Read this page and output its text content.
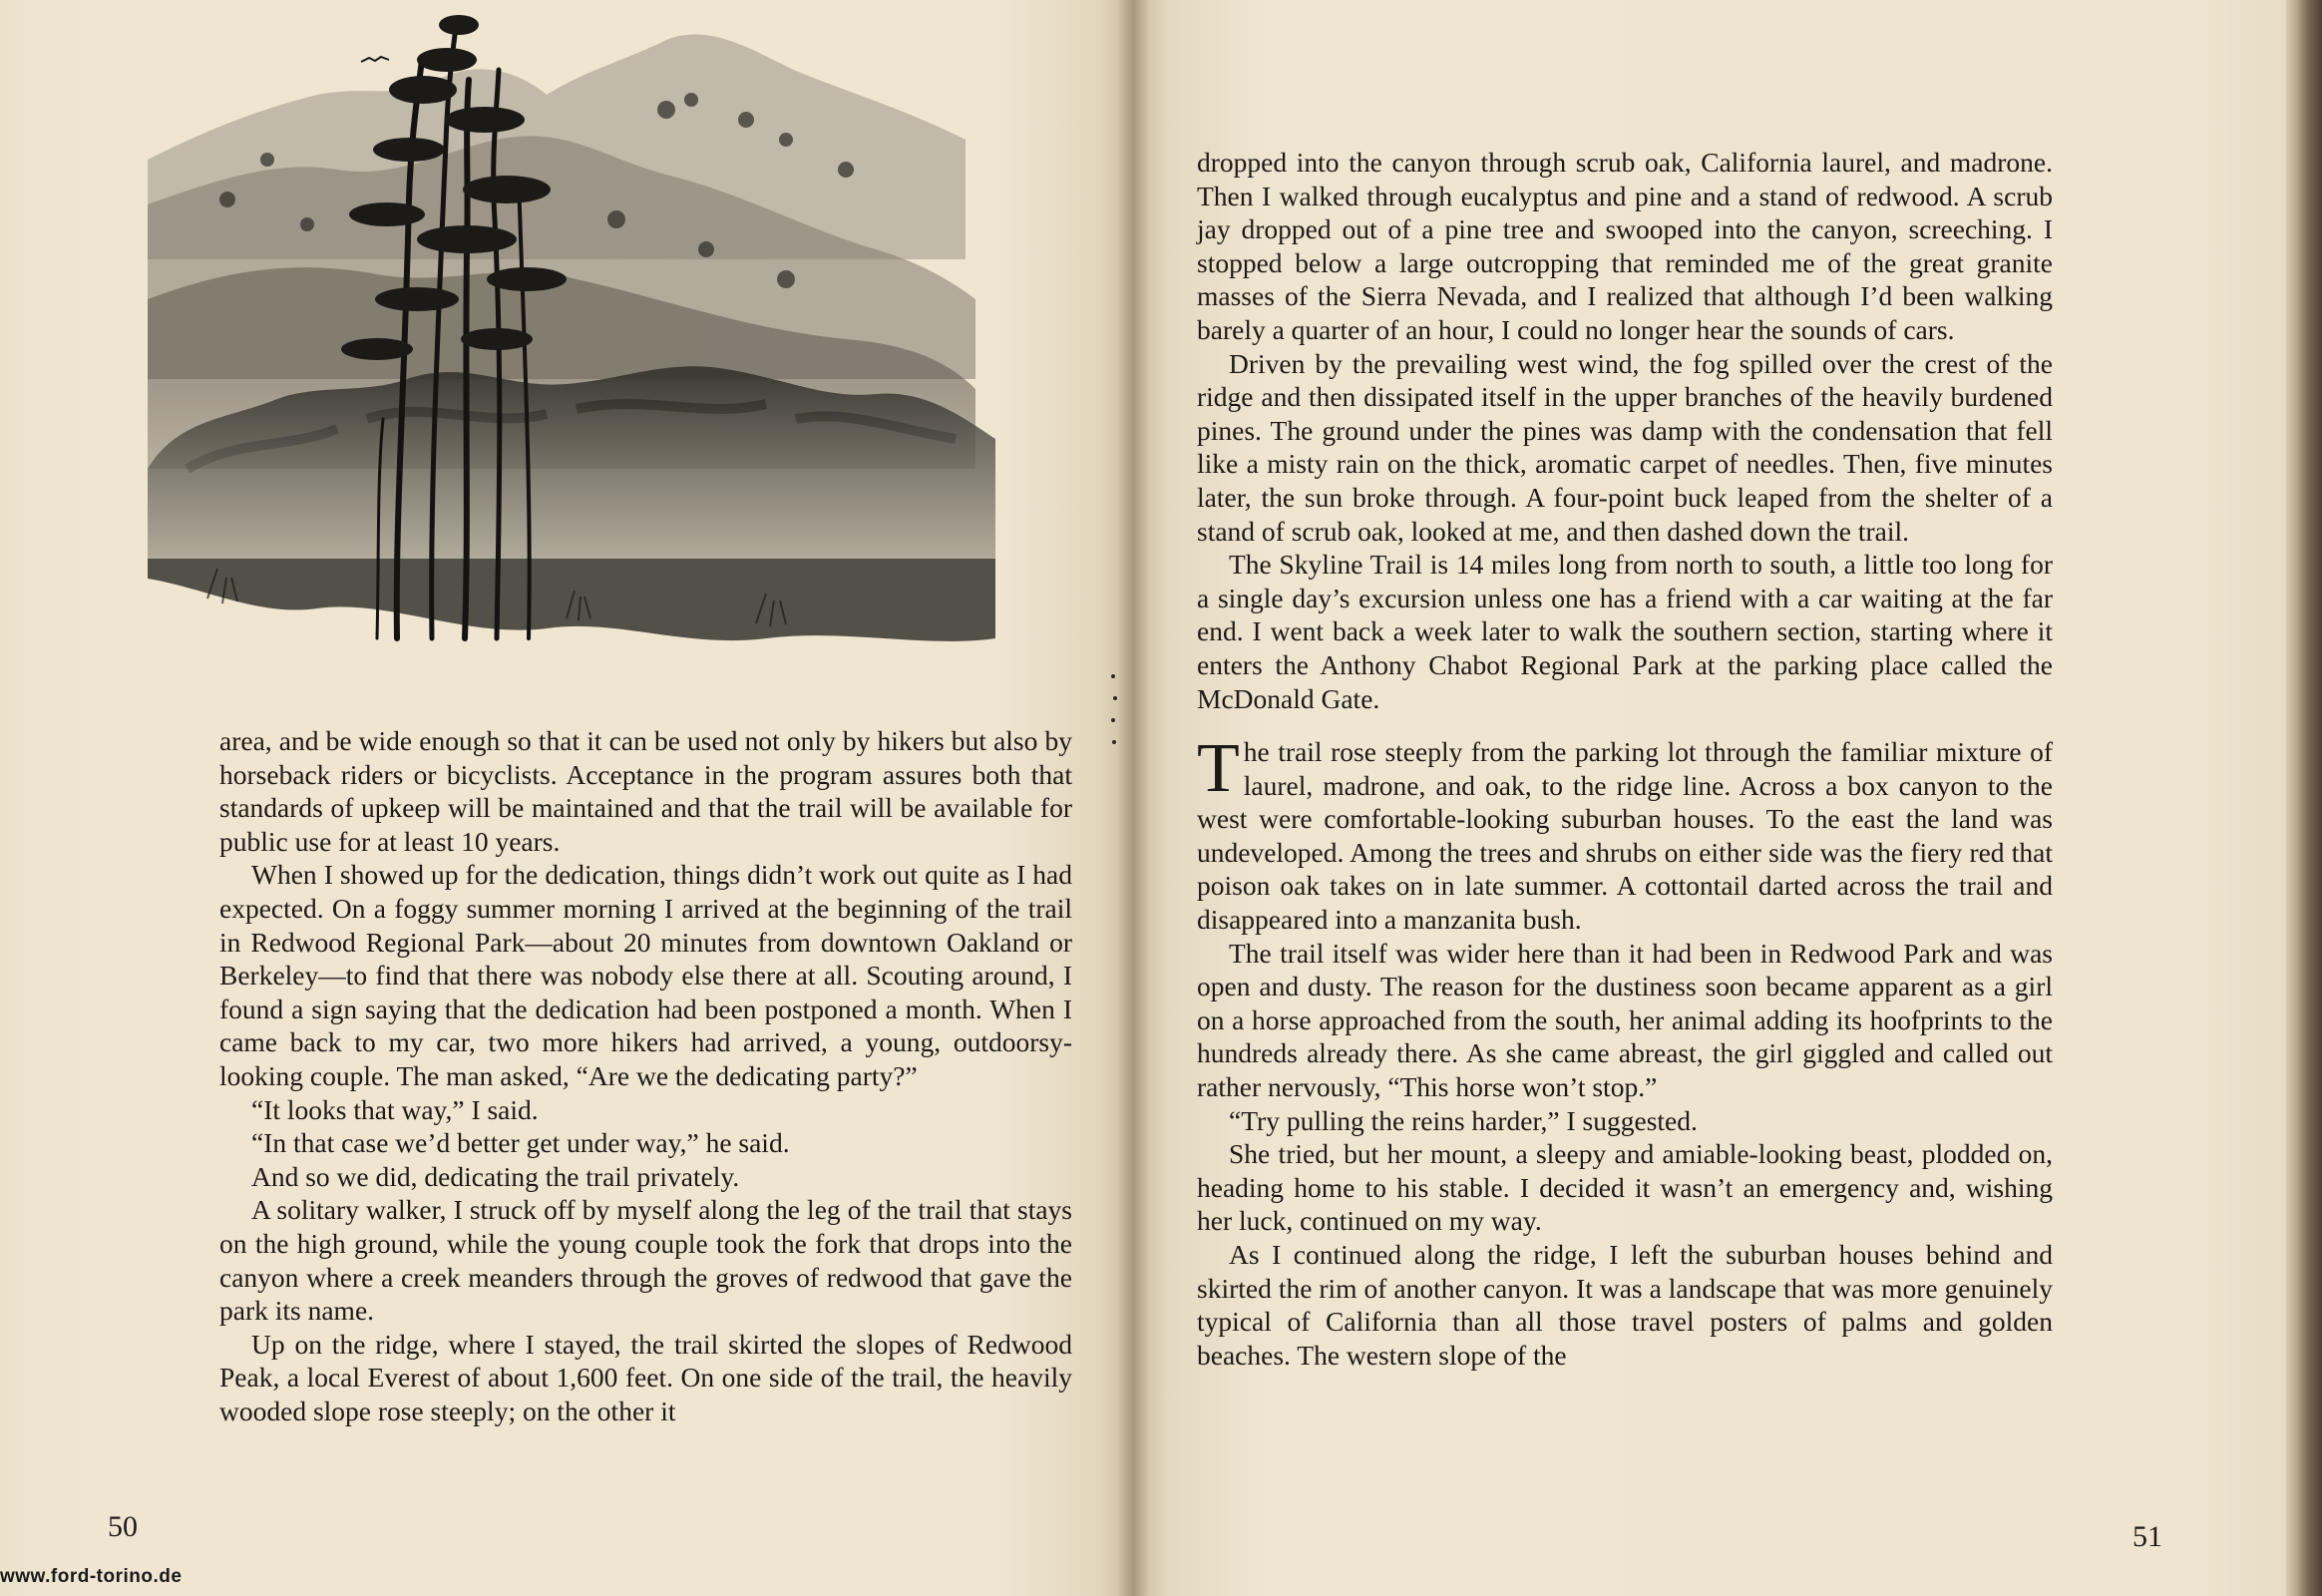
area, and be wide enough so that it can be used not only by hikers but also by horseback riders or bicyclists. Acceptance in the program assures both that standards of upkeep will be maintained and that the trail will be available for public use for at least 10 years.

When I showed up for the dedication, things didn’t work out quite as I had expected. On a foggy summer morning I arrived at the beginning of the trail in Redwood Regional Park—about 20 minutes from downtown Oakland or Berkeley—to find that there was nobody else there at all. Scouting around, I found a sign saying that the dedication had been postponed a month. When I came back to my car, two more hikers had arrived, a young, outdoorsy-looking couple. The man asked, “Are we the dedicating party?”

“It looks that way,” I said.

“In that case we’d better get under way,” he said.

And so we did, dedicating the trail privately.

A solitary walker, I struck off by myself along the leg of the trail that stays on the high ground, while the young couple took the fork that drops into the canyon where a creek meanders through the groves of redwood that gave the park its name.

Up on the ridge, where I stayed, the trail skirted the slopes of Redwood Peak, a local Everest of about 1,600 feet. On one side of the trail, the heavily wooded slope rose steeply; on the other it

dropped into the canyon through scrub oak, California laurel, and madrone. Then I walked through eucalyptus and pine and a stand of redwood. A scrub jay dropped out of a pine tree and swooped into the canyon, screeching. I stopped below a large outcropping that reminded me of the great granite masses of the Sierra Nevada, and I realized that although I’d been walking barely a quarter of an hour, I could no longer hear the sounds of cars.

Driven by the prevailing west wind, the fog spilled over the crest of the ridge and then dissipated itself in the upper branches of the heavily burdened pines. The ground under the pines was damp with the condensation that fell like a misty rain on the thick, aromatic carpet of needles. Then, five minutes later, the sun broke through. A four-point buck leaped from the shelter of a stand of scrub oak, looked at me, and then dashed down the trail.

The Skyline Trail is 14 miles long from north to south, a little too long for a single day’s excursion unless one has a friend with a car waiting at the far end. I went back a week later to walk the southern section, starting where it enters the Anthony Chabot Regional Park at the parking place called the McDonald Gate.

The trail rose steeply from the parking lot through the familiar mixture of laurel, madrone, and oak, to the ridge line. Across a box canyon to the west were comfortable-looking suburban houses. To the east the land was undeveloped. Among the trees and shrubs on either side was the fiery red that poison oak takes on in late summer. A cottontail darted across the trail and disappeared into a manzanita bush.

The trail itself was wider here than it had been in Redwood Park and was open and dusty. The reason for the dustiness soon became apparent as a girl on a horse approached from the south, her animal adding its hoofprints to the hundreds already there. As she came abreast, the girl giggled and called out rather nervously, “This horse won’t stop.”

“Try pulling the reins harder,” I suggested.

She tried, but her mount, a sleepy and amiable-looking beast, plodded on, heading home to his stable. I decided it wasn’t an emergency and, wishing her luck, continued on my way.

As I continued along the ridge, I left the suburban houses behind and skirted the rim of another canyon. It was a landscape that was more genuinely typical of California than all those travel posters of palms and golden beaches. The western slope of the

50	51
www.ford-torino.de
